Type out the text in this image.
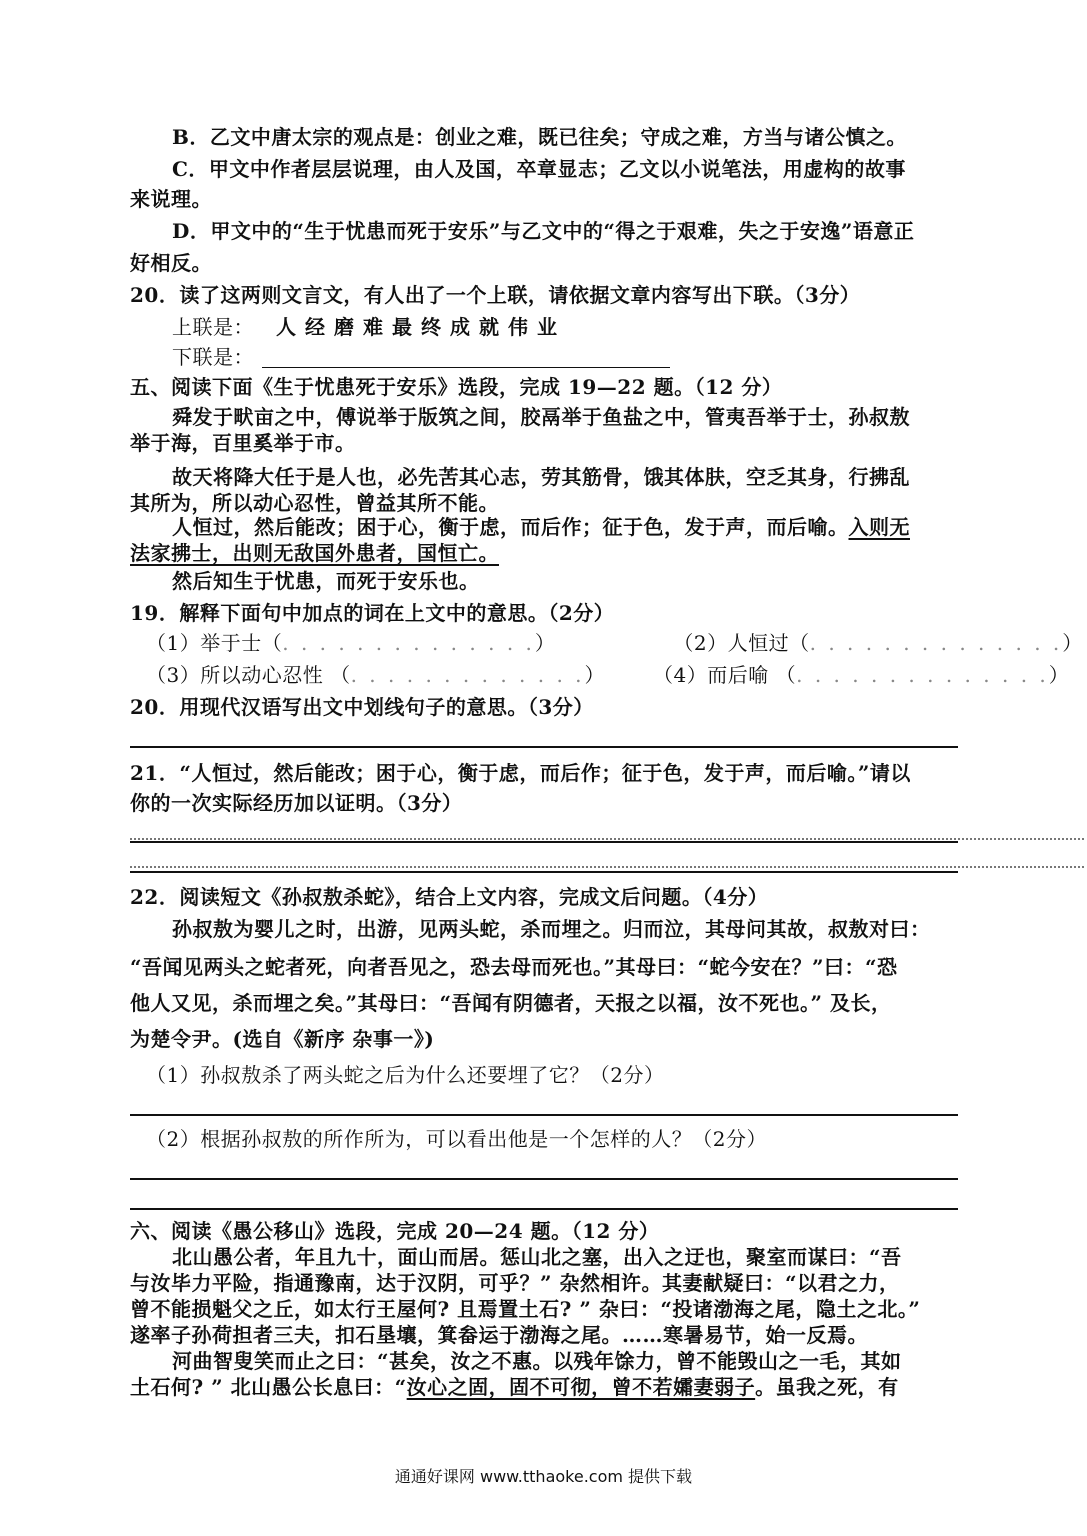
B．乙文中唐太宗的观点是：创业之难，既已往矣；守成之难，方当与诸公慎之。
C．甲文中作者层层说理，由人及国，卒章显志；乙文以小说笔法，用虚构的故事
来说理。
D．甲文中的“生于忧患而死于安乐”与乙文中的“得之于艰难，失之于安逸”语意正
好相反。
20．读了这两则文言文，有人出了一个上联，请依据文章内容写出下联。（3分）
上联是： 人经磨难最终成就伟业
下联是：
五、阅读下面《生于忧患死于安乐》选段，完成 19—22 题。（12 分）
舜发于畎亩之中，傅说举于版筑之间，胶鬲举于鱼盐之中，管夷吾举于士，孙叔敖
举于海，百里奚举于市。
故天将降大任于是人也，必先苦其心志，劳其筋骨，饿其体肤，空乏其身，行拂乱
其所为，所以动心忍性，曾益其所不能。
人恒过，然后能改；困于心，衡于虑，而后作；征于色，发于声，而后喻。入则无
法家拂士，出则无敌国外患者，国恒亡。
然后知生于忧患，而死于安乐也。
19．解释下面句中加点的词在上文中的意思。（2分）
（1）举于士（. . . . . . . . . . . . . .）	（2）人恒过（. . . . . . . . . . . . . .）
（3）所以动心忍性 （. . . . . . . . . . . . .） （4）而后喻 （. . . . . . . . . . . . . .）
20．用现代汉语写出文中划线句子的意思。（3分）
21．“人恒过，然后能改；困于心，衡于虑，而后作；征于色，发于声，而后喻。”请以
你的一次实际经历加以证明。（3分）
22．阅读短文《孙叔敖杀蛇》，结合上文内容，完成文后问题。（4分）
孙叔敖为婴儿之时，出游，见两头蛇，杀而埋之。归而泣，其母问其故，叔敖对曰：
“吾闻见两头之蛇者死，向者吾见之，恐去母而死也。”其母曰：“蛇今安在？”曰：“恐
他人又见，杀而埋之矣。”其母曰：“吾闻有阴德者，天报之以福，汝不死也。” 及长，
为楚令尹。(选自《新序 杂事一》)
（1）孙叔敖杀了两头蛇之后为什么还要埋了它？（2分）
（2）根据孙叔敖的所作所为，可以看出他是一个怎样的人？（2分）
六、阅读《愚公移山》选段，完成 20—24 题。（12 分）
北山愚公者，年且九十，面山而居。惩山北之塞，出入之迂也，聚室而谋曰：“吾
与汝毕力平险，指通豫南，达于汉阴，可乎？” 杂然相许。其妻献疑曰：“以君之力，
曾不能损魁父之丘，如太行王屋何? 且焉置土石? ” 杂曰：“投诸渤海之尾，隐土之北。”
遂率子孙荷担者三夫，扣石垦壤，箕畚运于渤海之尾。……寒暑易节，始一反焉。
河曲智叟笑而止之曰：“甚矣，汝之不惠。以残年馀力，曾不能毁山之一毛，其如
土石何? ” 北山愚公长息曰：“汝心之固，固不可彻，曾不若孀妻弱子。虽我之死，有
通通好课网 www.tthaoke.com 提供下载
